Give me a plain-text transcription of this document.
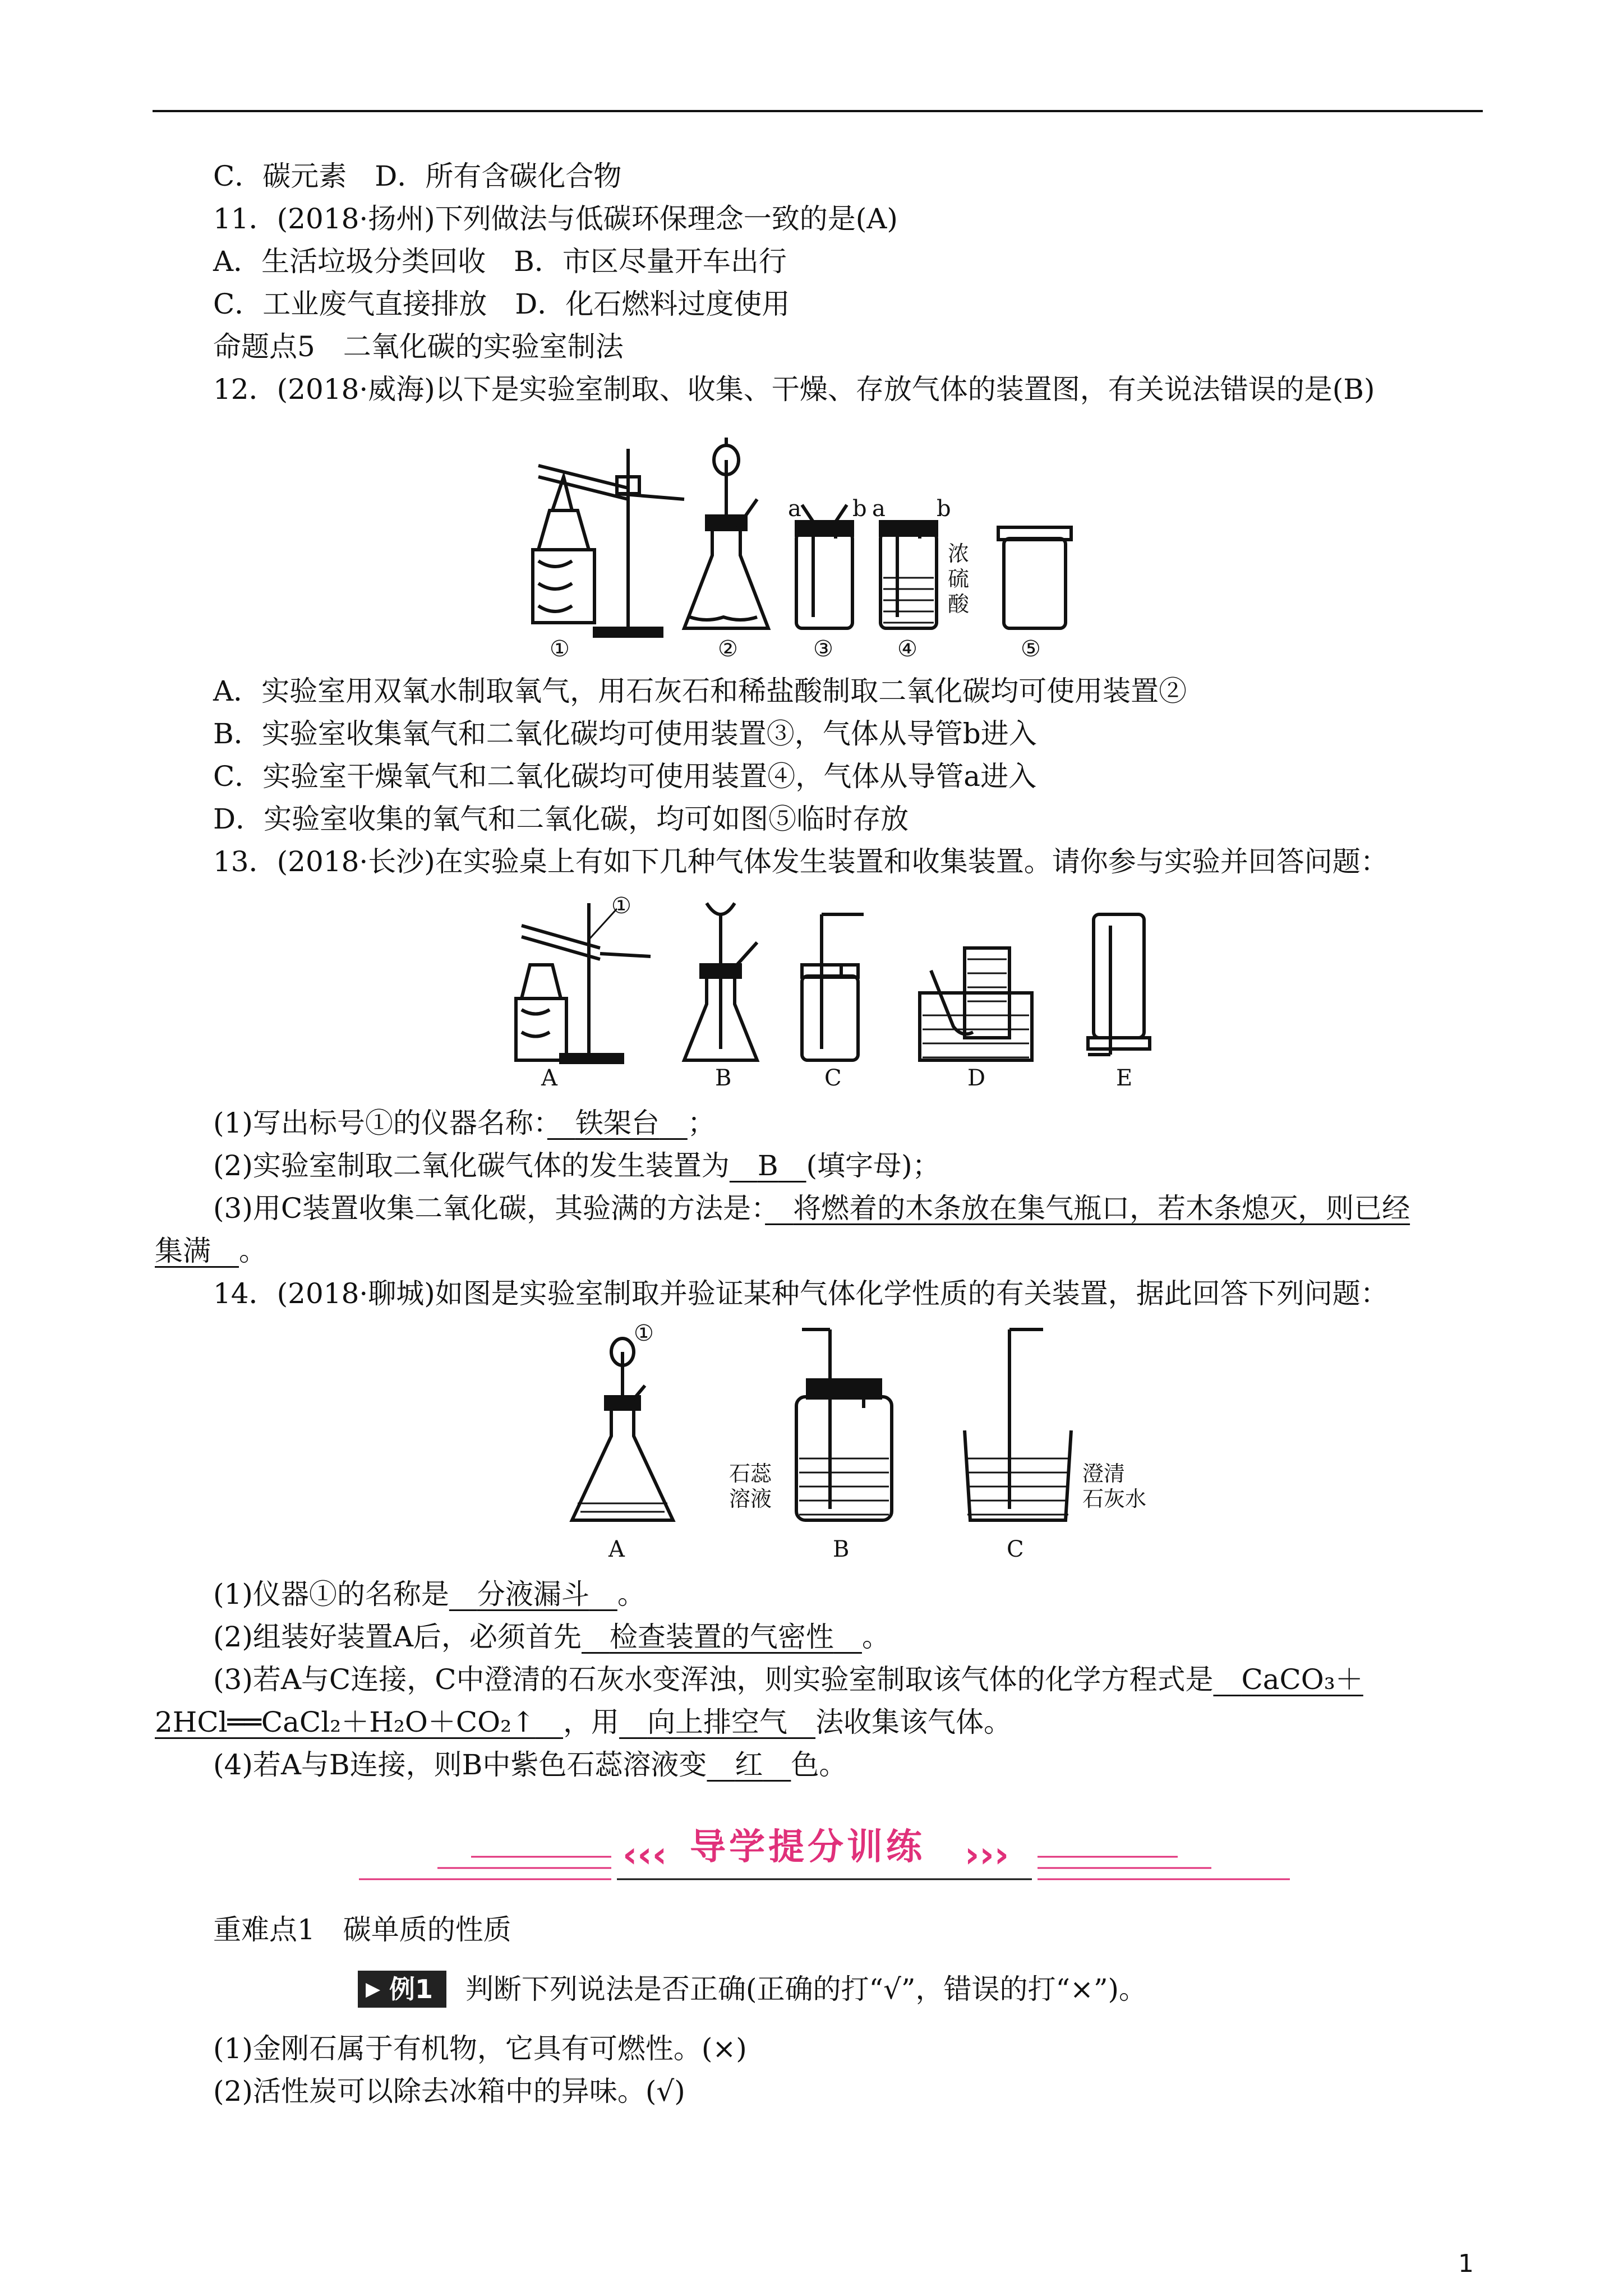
C．碳元素　D．所有含碳化合物
11．(2018·扬州)下列做法与低碳环保理念一致的是(A)
A．生活垃圾分类回收　B．市区尽量开车出行
C．工业废气直接排放　D．化石燃料过度使用
命题点5　二氧化碳的实验室制法
12．(2018·威海)以下是实验室制取、收集、干燥、存放气体的装置图，有关说法错误的是(B)
①	②	③	④	⑤
a b a b
浓
硫
酸
A．实验室用双氧水制取氧气，用石灰石和稀盐酸制取二氧化碳均可使用装置②
B．实验室收集氧气和二氧化碳均可使用装置③，气体从导管b进入
C．实验室干燥氧气和二氧化碳均可使用装置④，气体从导管a进入
D．实验室收集的氧气和二氧化碳，均可如图⑤临时存放
13．(2018·长沙)在实验桌上有如下几种气体发生装置和收集装置。请你参与实验并回答问题：
A	B	C	D	E
①
(1)写出标号①的仪器名称：　 铁架台　 ；
(2)实验室制取二氧化碳气体的发生装置为　 B　 (填字母)；
(3)用C装置收集二氧化碳，其验满的方法是：　 将燃着的木条放在集气瓶口，若木条熄灭，则已经
集满　 。
14．(2018·聊城)如图是实验室制取并验证某种气体化学性质的有关装置，据此回答下列问题：
A	B	C
①
石蕊
溶液
澄清
石灰水
(1)仪器①的名称是　 分液漏斗　 。
(2)组装好装置A后，必须首先　 检查装置的气密性　 。
(3)若A与C连接，C中澄清的石灰水变浑浊，则实验室制取该气体的化学方程式是　 CaCO₃＋
2HCl══CaCl₂＋H₂O＋CO₂↑　 ，用　 向上排空气　 法收集该气体。
(4)若A与B连接，则B中紫色石蕊溶液变　 红　 色。
‹‹‹	›››
导学提分训练
重难点1　碳单质的性质
▶ 例1 判断下列说法是否正确(正确的打“√”，错误的打“×”)。
(1)金刚石属于有机物，它具有可燃性。(×)
(2)活性炭可以除去冰箱中的异味。(√)
1
